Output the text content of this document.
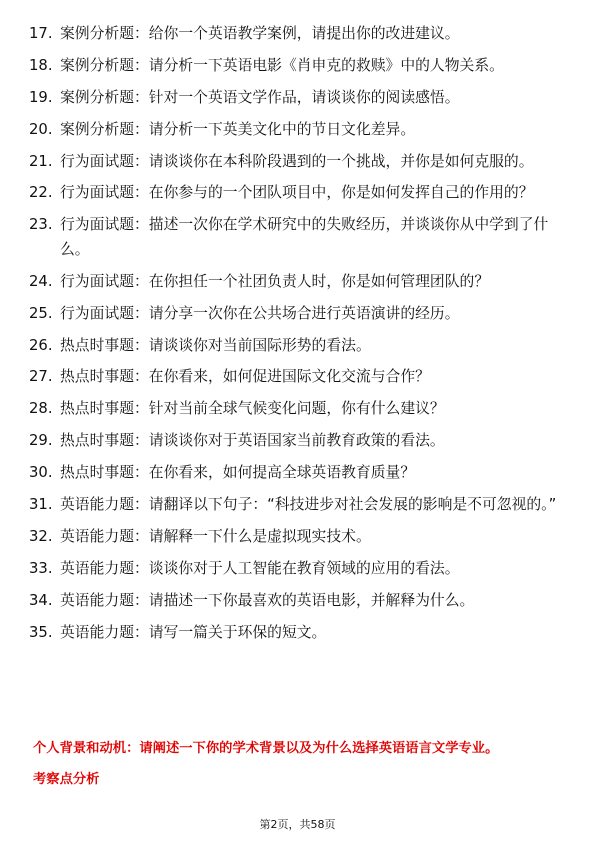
17. 案例分析题：给你一个英语教学案例，请提出你的改进建议。
18. 案例分析题：请分析一下英语电影《肖申克的救赎》中的人物关系。
19. 案例分析题：针对一个英语文学作品，请谈谈你的阅读感悟。
20. 案例分析题：请分析一下英美文化中的节日文化差异。
21. 行为面试题：请谈谈你在本科阶段遇到的一个挑战，并你是如何克服的。
22. 行为面试题：在你参与的一个团队项目中，你是如何发挥自己的作用的？
23. 行为面试题：描述一次你在学术研究中的失败经历，并谈谈你从中学到了什么。
24. 行为面试题：在你担任一个社团负责人时，你是如何管理团队的？
25. 行为面试题：请分享一次你在公共场合进行英语演讲的经历。
26. 热点时事题：请谈谈你对当前国际形势的看法。
27. 热点时事题：在你看来，如何促进国际文化交流与合作？
28. 热点时事题：针对当前全球气候变化问题，你有什么建议？
29. 热点时事题：请谈谈你对于英语国家当前教育政策的看法。
30. 热点时事题：在你看来，如何提高全球英语教育质量？
31. 英语能力题：请翻译以下句子：“科技进步对社会发展的影响是不可忽视的。”
32. 英语能力题：请解释一下什么是虚拟现实技术。
33. 英语能力题：谈谈你对于人工智能在教育领域的应用的看法。
34. 英语能力题：请描述一下你最喜欢的英语电影，并解释为什么。
35. 英语能力题：请写一篇关于环保的短文。
个人背景和动机：请阐述一下你的学术背景以及为什么选择英语语言文学专业。
考察点分析
第2页，共58页
